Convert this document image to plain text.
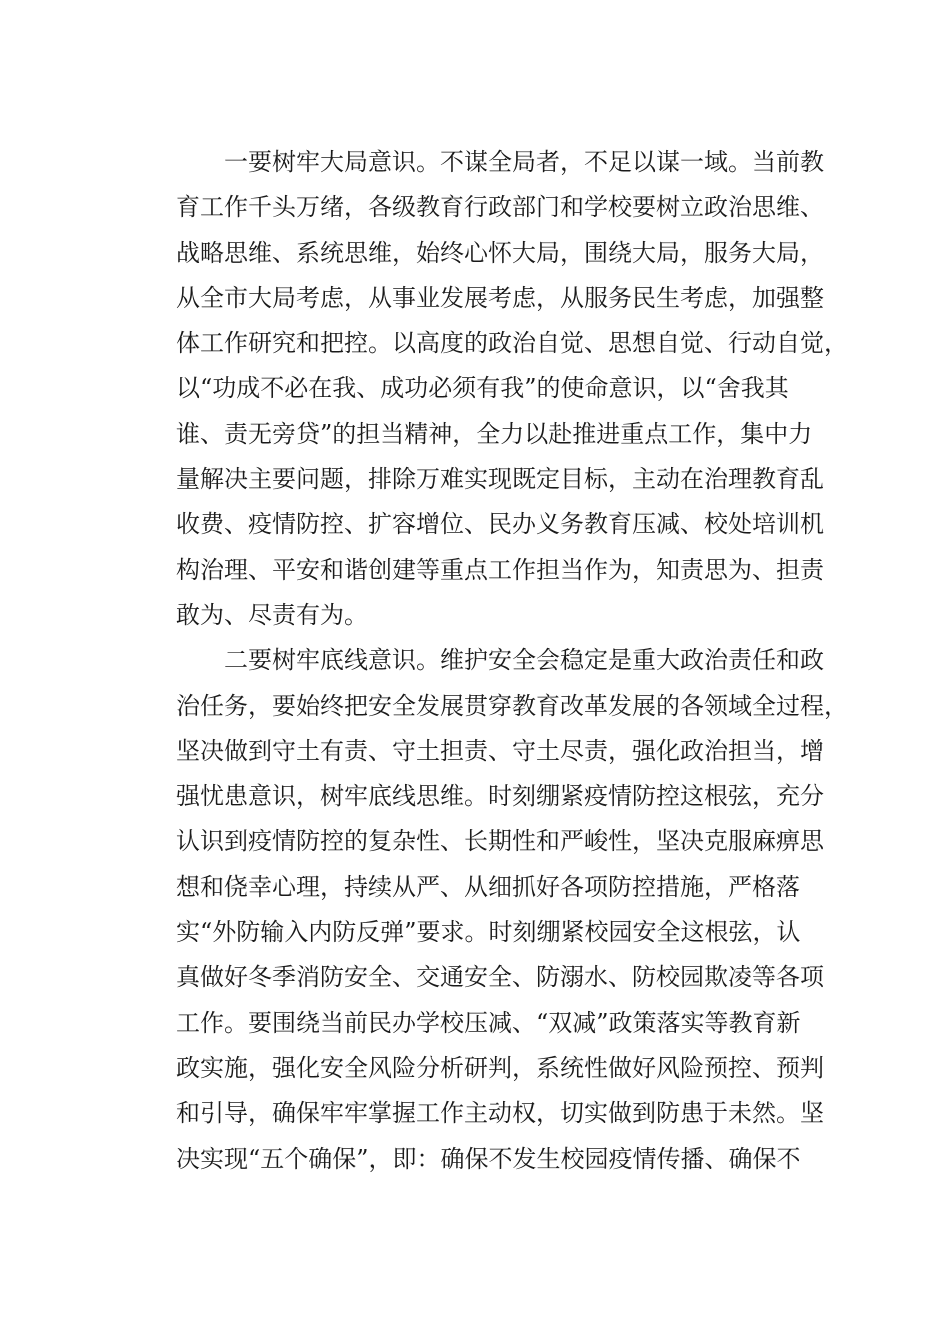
一要树牢大局意识。不谋全局者，不足以谋一域。当前教

育工作千头万绪，各级教育行政部门和学校要树立政治思维、

战略思维、系统思维，始终心怀大局，围绕大局，服务大局，

从全市大局考虑，从事业发展考虑，从服务民生考虑，加强整

体工作研究和把控。以高度的政治自觉、思想自觉、行动自觉，

以“功成不必在我、成功必须有我”的使命意识，以“舍我其

谁、责无旁贷”的担当精神，全力以赴推进重点工作，集中力

量解决主要问题，排除万难实现既定目标，主动在治理教育乱

收费、疫情防控、扩容增位、民办义务教育压减、校处培训机

构治理、平安和谐创建等重点工作担当作为，知责思为、担责

敢为、尽责有为。

二要树牢底线意识。维护安全会稳定是重大政治责任和政

治任务，要始终把安全发展贯穿教育改革发展的各领域全过程，

坚决做到守土有责、守土担责、守土尽责，强化政治担当，增

强忧患意识，树牢底线思维。时刻绷紧疫情防控这根弦，充分

认识到疫情防控的复杂性、长期性和严峻性，坚决克服麻痹思

想和侥幸心理，持续从严、从细抓好各项防控措施，严格落

实“外防输入内防反弹”要求。时刻绷紧校园安全这根弦，认

真做好冬季消防安全、交通安全、防溺水、防校园欺凌等各项

工作。要围绕当前民办学校压减、“双减”政策落实等教育新

政实施，强化安全风险分析研判，系统性做好风险预控、预判

和引导，确保牢牢掌握工作主动权，切实做到防患于未然。坚

决实现“五个确保”，即：确保不发生校园疫情传播、确保不
